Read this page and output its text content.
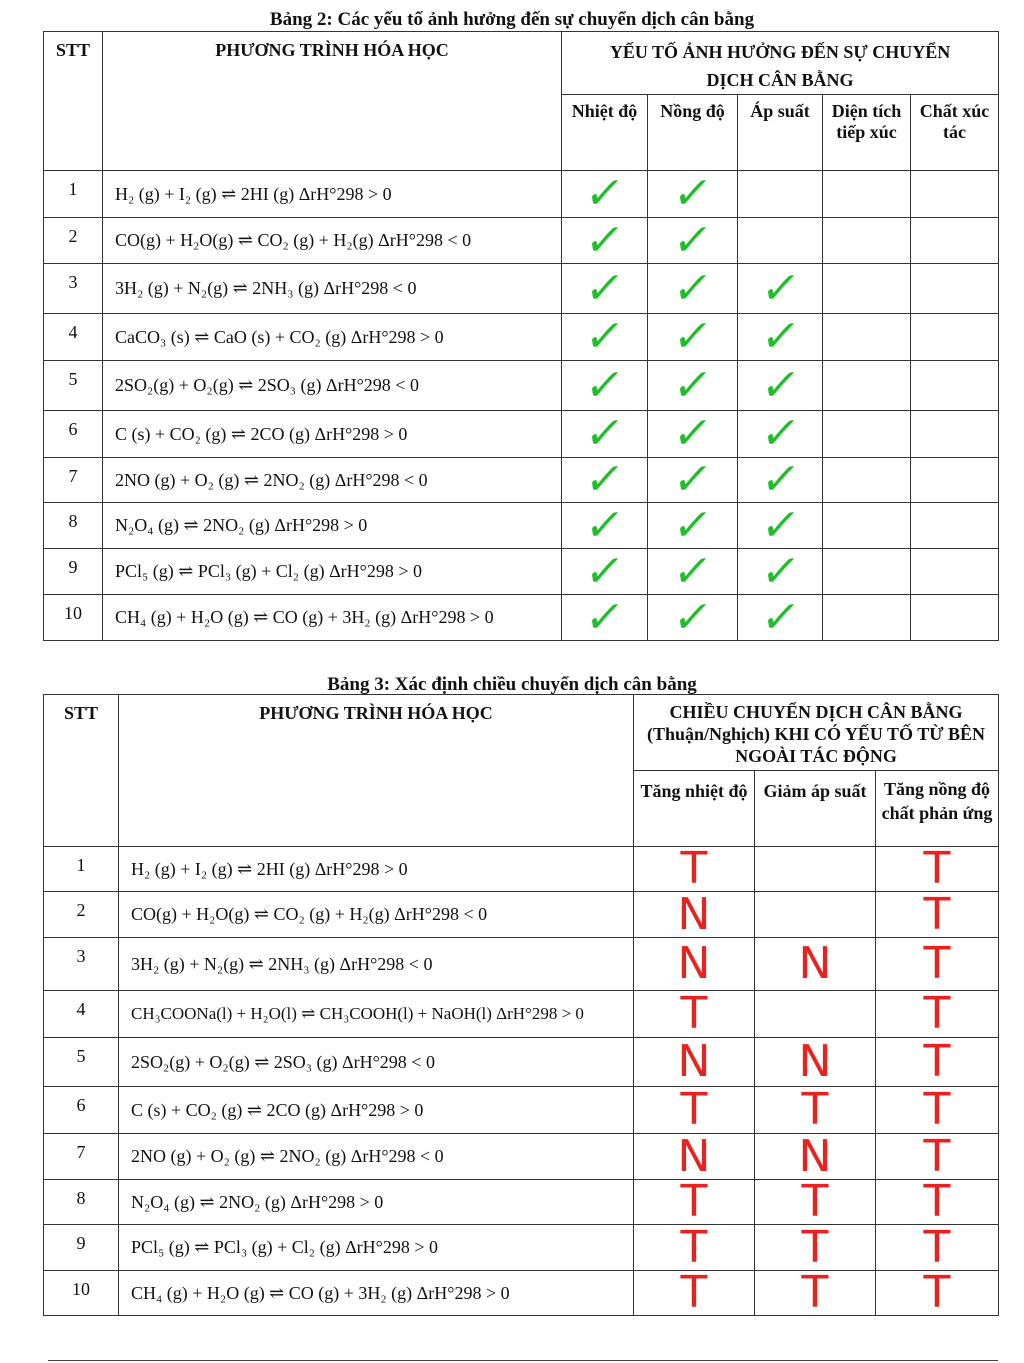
Bảng 2: Các yếu tố ảnh hưởng đến sự chuyển dịch cân bằng
STT	PHƯƠNG TRÌNH HÓA HỌC	YẾU TỐ ẢNH HƯỞNG ĐẾN SỰ CHUYỂN DỊCH CÂN BẰNG				
		Nhiệt độ	Nồng độ	Áp suất	Diện tích tiếp xúc	Chất xúc tác
1	H₂ (g) + I₂ (g) ⇌ 2HI (g) ΔrH°298 > 0	✓	✓			
2	CO(g) + H₂O(g) ⇌ CO₂ (g) + H₂(g) ΔrH°298 < 0	✓	✓			
3	3H₂ (g) + N₂(g) ⇌ 2NH₃ (g) ΔrH°298 < 0	✓	✓	✓		
4	CaCO₃ (s) ⇌ CaO (s) + CO₂ (g) ΔrH°298 > 0	✓	✓	✓		
5	2SO₂(g) + O₂(g) ⇌ 2SO₃ (g) ΔrH°298 < 0	✓	✓	✓		
6	C (s) + CO₂ (g) ⇌ 2CO (g) ΔrH°298 > 0	✓	✓	✓		
7	2NO (g) + O₂ (g) ⇌ 2NO₂ (g) ΔrH°298 < 0	✓	✓	✓		
8	N₂O₄ (g) ⇌ 2NO₂ (g) ΔrH°298 > 0	✓	✓	✓		
9	PCl₅ (g) ⇌ PCl₃ (g) + Cl₂ (g) ΔrH°298 > 0	✓	✓	✓		
10	CH₄ (g) + H₂O (g) ⇌ CO (g) + 3H₂ (g) ΔrH°298 > 0	✓	✓	✓		
Bảng 3: Xác định chiều chuyển dịch cân bằng
STT	PHƯƠNG TRÌNH HÓA HỌC	CHIỀU CHUYỂN DỊCH CÂN BẰNG (Thuận/Nghịch) KHI CÓ YẾU TỐ TỪ BÊN NGOÀI TÁC ĐỘNG		
		Tăng nhiệt độ	Giảm áp suất	Tăng nồng độ chất phản ứng
1	H₂ (g) + I₂ (g) ⇌ 2HI (g) ΔrH°298 > 0	T		T
2	CO(g) + H₂O(g) ⇌ CO₂ (g) + H₂(g) ΔrH°298 < 0	N		T
3	3H₂ (g) + N₂(g) ⇌ 2NH₃ (g) ΔrH°298 < 0	N	N	T
4	CH₃COONa(l) + H₂O(l) ⇌ CH₃COOH(l) + NaOH(l) ΔrH°298 > 0	T		T
5	2SO₂(g) + O₂(g) ⇌ 2SO₃ (g) ΔrH°298 < 0	N	N	T
6	C (s) + CO₂ (g) ⇌ 2CO (g) ΔrH°298 > 0	T	T	T
7	2NO (g) + O₂ (g) ⇌ 2NO₂ (g) ΔrH°298 < 0	N	N	T
8	N₂O₄ (g) ⇌ 2NO₂ (g) ΔrH°298 > 0	T	T	T
9	PCl₅ (g) ⇌ PCl₃ (g) + Cl₂ (g) ΔrH°298 > 0	T	T	T
10	CH₄ (g) + H₂O (g) ⇌ CO (g) + 3H₂ (g) ΔrH°298 > 0	T	T	T
